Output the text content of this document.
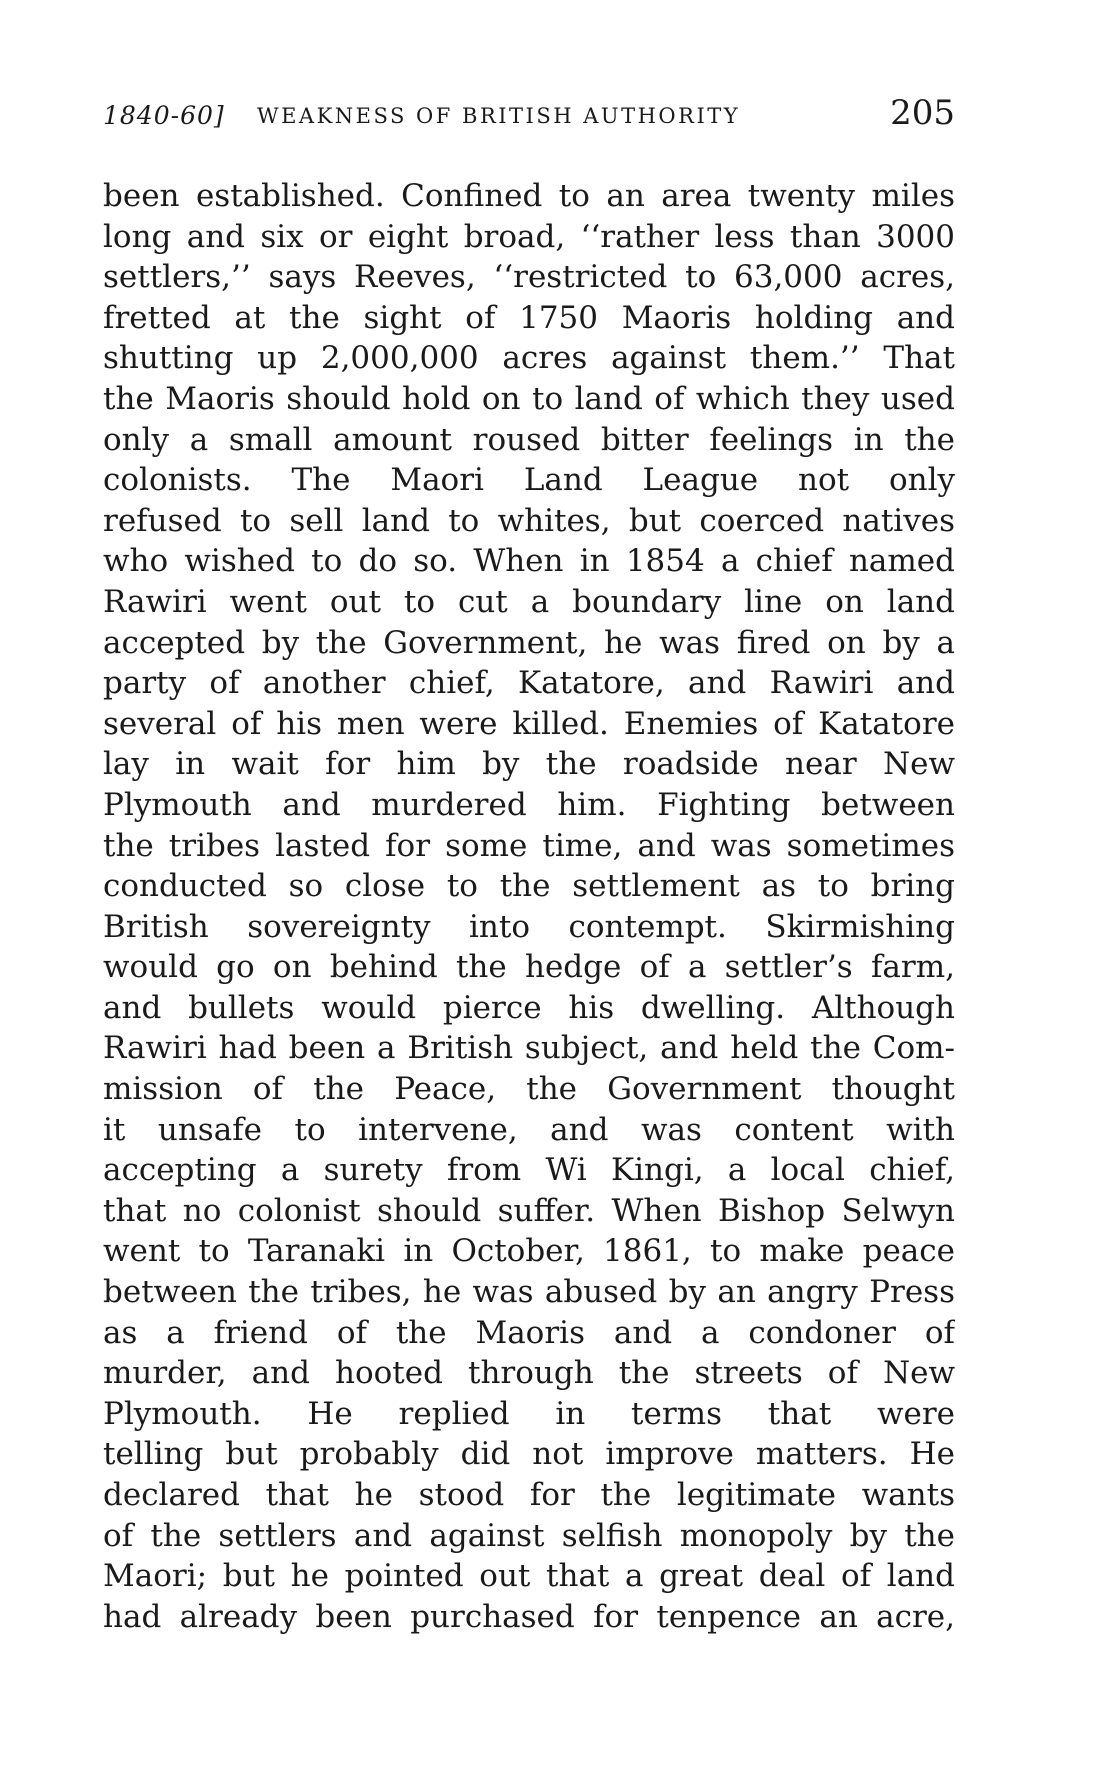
1840-60] WEAKNESS OF BRITISH AUTHORITY	205
been established. Confined to an area twenty miles
long and six or eight broad, ‘‘rather less than 3000
settlers,’’ says Reeves, ‘‘restricted to 63,000 acres,
fretted at the sight of 1750 Maoris holding and
shutting up 2,000,000 acres against them.’’ That
the Maoris should hold on to land of which they used
only a small amount roused bitter feelings in the
colonists. The Maori Land League not only
refused to sell land to whites, but coerced natives
who wished to do so. When in 1854 a chief named
Rawiri went out to cut a boundary line on land
accepted by the Government, he was fired on by a
party of another chief, Katatore, and Rawiri and
several of his men were killed. Enemies of Katatore
lay in wait for him by the roadside near New
Plymouth and murdered him. Fighting between
the tribes lasted for some time, and was sometimes
conducted so close to the settlement as to bring
British sovereignty into contempt. Skirmishing
would go on behind the hedge of a settler’s farm,
and bullets would pierce his dwelling. Although
Rawiri had been a British subject, and held the Com-
mission of the Peace, the Government thought
it unsafe to intervene, and was content with
accepting a surety from Wi Kingi, a local chief,
that no colonist should suffer. When Bishop Selwyn
went to Taranaki in October, 1861, to make peace
between the tribes, he was abused by an angry Press
as a friend of the Maoris and a condoner of
murder, and hooted through the streets of New
Plymouth. He replied in terms that were
telling but probably did not improve matters. He
declared that he stood for the legitimate wants
of the settlers and against selfish monopoly by the
Maori; but he pointed out that a great deal of land
had already been purchased for tenpence an acre,
